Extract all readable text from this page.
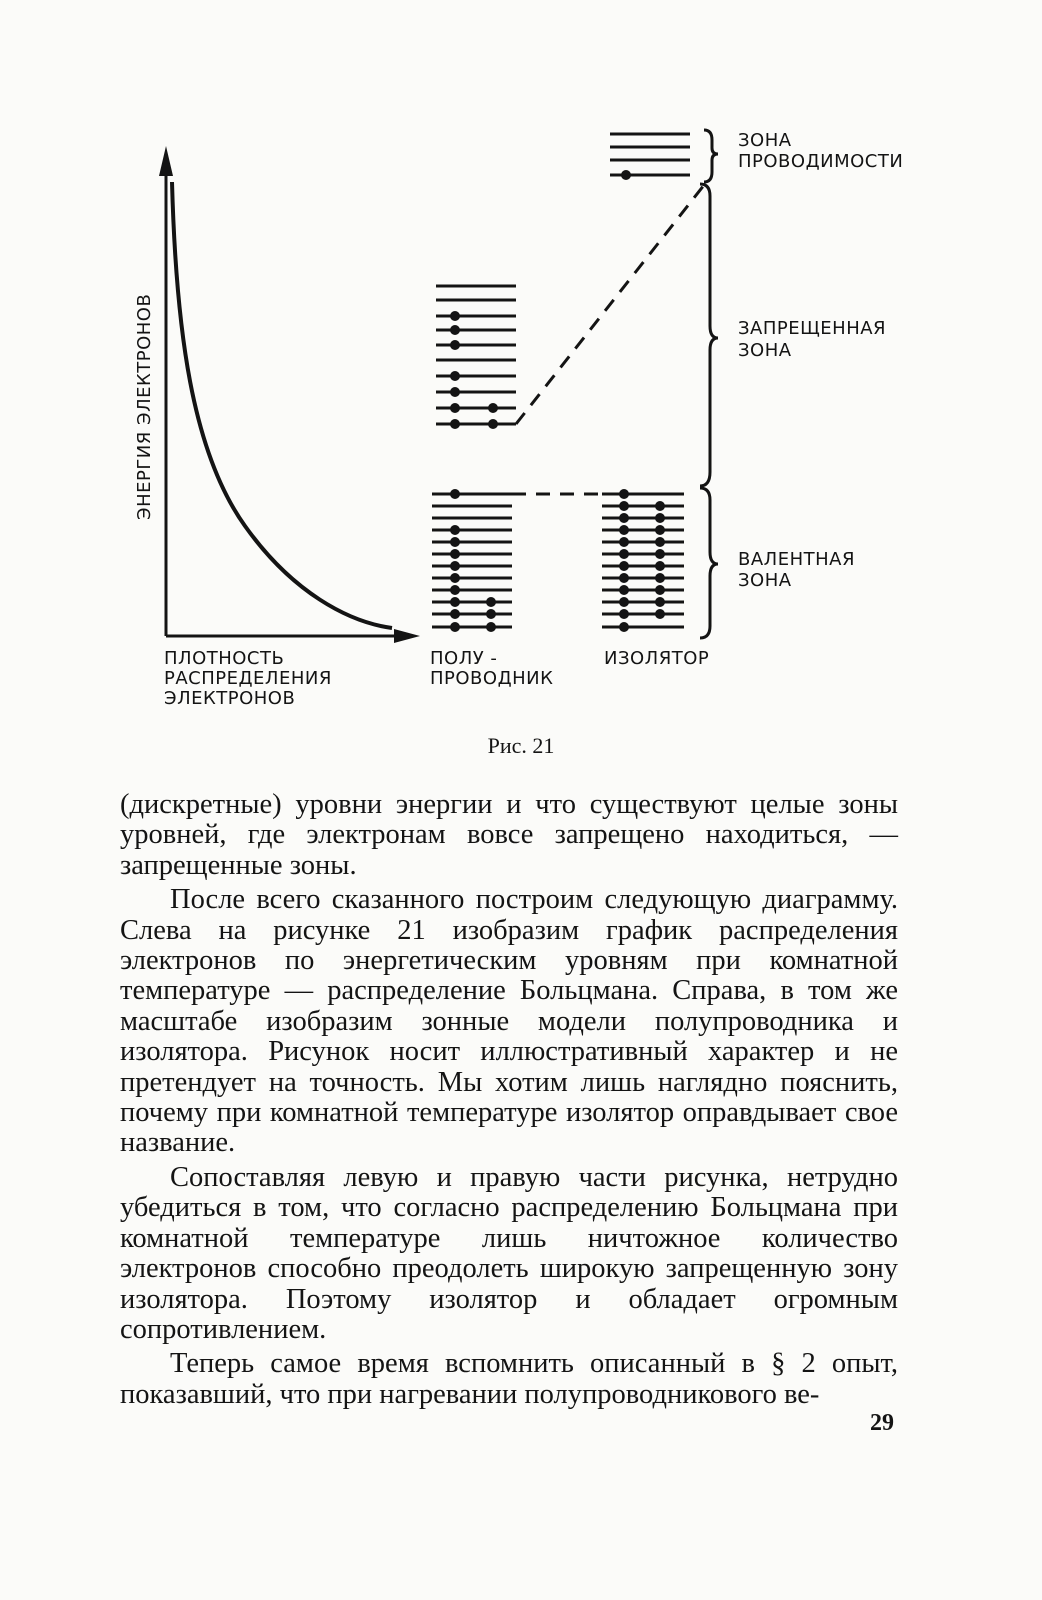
ЭНЕРГИЯ ЭЛЕКТРОНОВ
ПЛОТНОСТЬ РАСПРЕДЕЛЕНИЯ ЭЛЕКТРОНОВ
ЗОНА ПРОВОДИМОСТИ
ЗАПРЕЩЕННАЯ ЗОНА
ВАЛЕНТНАЯ ЗОНА
ПОЛУ - ПРОВОДНИК
ИЗОЛЯТОР
Рис. 21

(дискретные) уровни энергии и что существуют целые зоны уровней, где электронам вовсе запрещено находиться, — запрещенные зоны.

После всего сказанного построим следующую диаграмму. Слева на рисунке 21 изобразим график распределения электронов по энергетическим уровням при комнатной температуре — распределение Больцмана. Справа, в том же масштабе изобразим зонные модели полупроводника и изолятора. Рисунок носит иллюстративный характер и не претендует на точность. Мы хотим лишь наглядно пояснить, почему при комнатной температуре изолятор оправдывает свое название.

Сопоставляя левую и правую части рисунка, нетрудно убедиться в том, что согласно распределению Больцмана при комнатной температуре лишь ничтожное количество электронов способно преодолеть широкую запрещенную зону изолятора. Поэтому изолятор и обладает огромным сопротивлением.

Теперь самое время вспомнить описанный в § 2 опыт, показавший, что при нагревании полупроводникового ве-

29
